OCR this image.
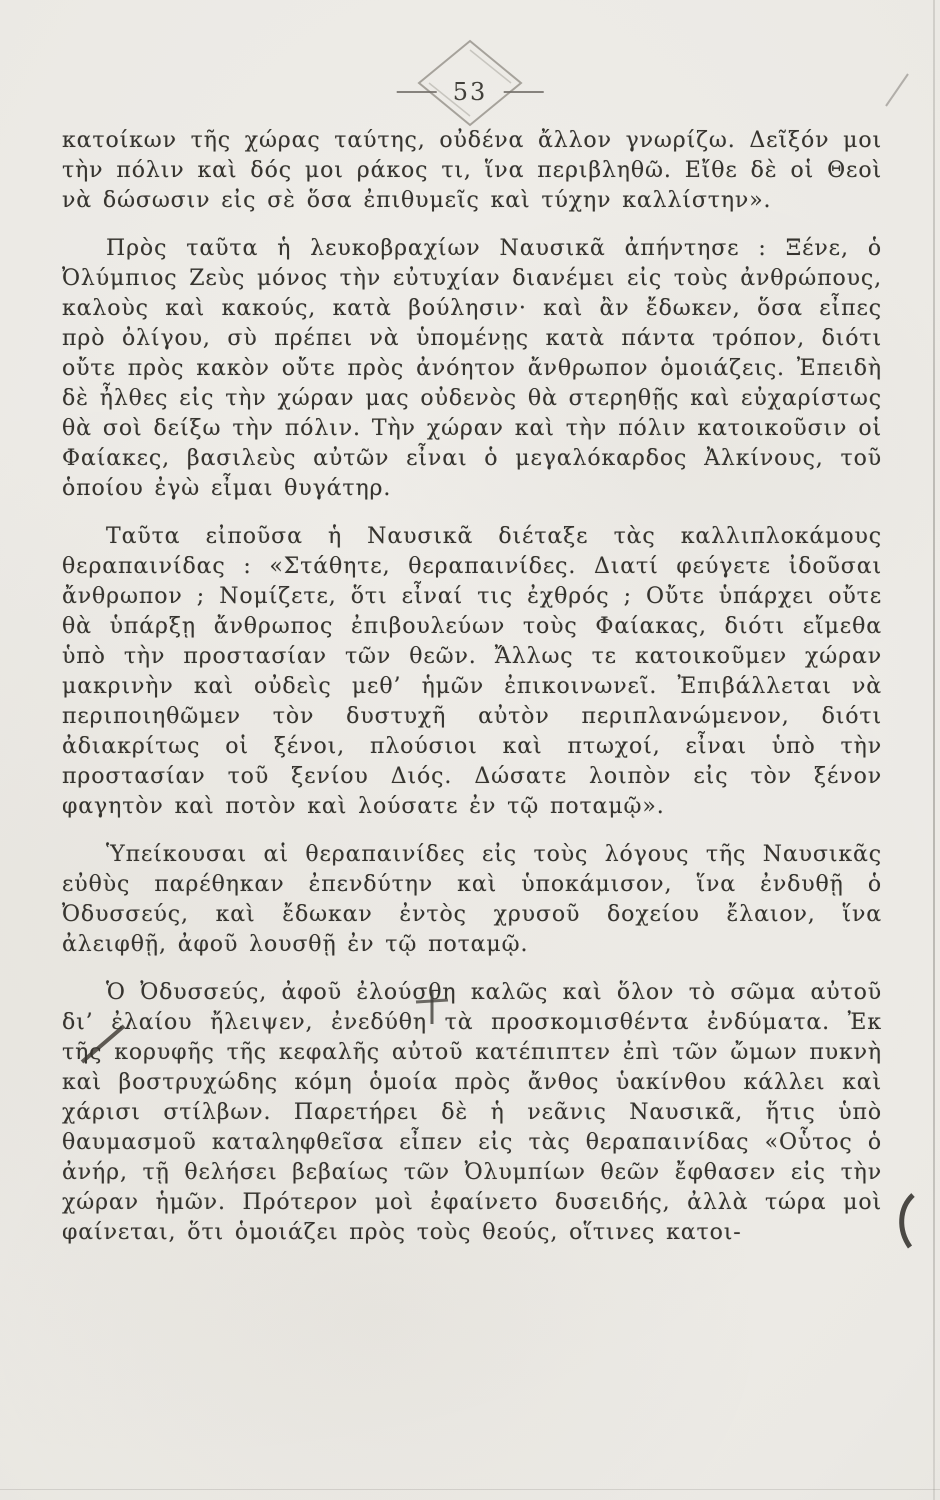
53

κατοίκων τῆς χώρας ταύτης, οὐδένα ἄλλον γνωρίζω. Δεῖξόν μοι τὴν πόλιν καὶ δός μοι ράκος τι, ἵνα περιβληθῶ. Εἴθε δὲ οἱ Θεοὶ νὰ δώσωσιν εἰς σὲ ὅσα ἐπιθυμεῖς καὶ τύχην καλλίστην».

Πρὸς ταῦτα ἡ λευκοβραχίων Ναυσικᾶ ἀπήντησε : Ξένε, ὁ Ὀλύμπιος Ζεὺς μόνος τὴν εὐτυχίαν διανέμει εἰς τοὺς ἀνθρώπους, καλοὺς καὶ κακούς, κατὰ βούλησιν· καὶ ἂν ἔδωκεν, ὅσα εἶπες πρὸ ὀλίγου, σὺ πρέπει νὰ ὑπομένῃς κατὰ πάντα τρόπον, διότι οὔτε πρὸς κακὸν οὔτε πρὸς ἀνόητον ἄνθρωπον ὁμοιάζεις. Ἐπειδὴ δὲ ἦλθες εἰς τὴν χώραν μας οὐδενὸς θὰ στερηθῇς καὶ εὐχαρίστως θὰ σοὶ δείξω τὴν πόλιν. Τὴν χώραν καὶ τὴν πόλιν κατοικοῦσιν οἱ Φαίακες, βασιλεὺς αὐτῶν εἶναι ὁ μεγαλόκαρδος Ἀλκίνους, τοῦ ὁποίου ἐγὼ εἶμαι θυγάτηρ.

Ταῦτα εἰποῦσα ἡ Ναυσικᾶ διέταξε τὰς καλλιπλοκάμους θεραπαινίδας : «Στάθητε, θεραπαινίδες. Διατί φεύγετε ἰδοῦσαι ἄνθρωπον ; Νομίζετε, ὅτι εἶναί τις ἐχθρός ; Οὔτε ὑπάρχει οὔτε θὰ ὑπάρξῃ ἄνθρωπος ἐπιβουλεύων τοὺς Φαίακας, διότι εἴμεθα ὑπὸ τὴν προστασίαν τῶν θεῶν. Ἄλλως τε κατοικοῦμεν χώραν μακρινὴν καὶ οὐδεὶς μεθ’ ἡμῶν ἐπικοινωνεῖ. Ἐπιβάλλεται νὰ περιποιηθῶμεν τὸν δυστυχῆ αὐτὸν περιπλανώμενον, διότι ἀδιακρίτως οἱ ξένοι, πλούσιοι καὶ πτωχοί, εἶναι ὑπὸ τὴν προστασίαν τοῦ ξενίου Διός. Δώσατε λοιπὸν εἰς τὸν ξένον φαγητὸν καὶ ποτὸν καὶ λούσατε ἐν τῷ ποταμῷ».

Ὑπείκουσαι αἱ θεραπαινίδες εἰς τοὺς λόγους τῆς Ναυσικᾶς εὐθὺς παρέθηκαν ἐπενδύτην καὶ ὑποκάμισον, ἵνα ἐνδυθῇ ὁ Ὀδυσσεύς, καὶ ἔδωκαν ἐντὸς χρυσοῦ δοχείου ἔλαιον, ἵνα ἀλειφθῇ, ἀφοῦ λουσθῇ ἐν τῷ ποταμῷ.

Ὁ Ὀδυσσεύς, ἀφοῦ ἐλούσθη καλῶς καὶ ὅλον τὸ σῶμα αὐτοῦ δι’ ἐλαίου ἤλειψεν, ἐνεδύθη τὰ προσκομισθέντα ἐνδύματα. Ἐκ τῆς κορυφῆς τῆς κεφαλῆς αὐτοῦ κατέπιπτεν ἐπὶ τῶν ὤμων πυκνὴ καὶ βοστρυχώδης κόμη ὁμοία πρὸς ἄνθος ὑακίνθου κάλλει καὶ χάρισι στίλβων. Παρετήρει δὲ ἡ νεᾶνις Ναυσικᾶ, ἥτις ὑπὸ θαυμασμοῦ καταληφθεῖσα εἶπεν εἰς τὰς θεραπαινίδας «Οὗτος ὁ ἀνήρ, τῇ θελήσει βεβαίως τῶν Ὀλυμπίων θεῶν ἔφθασεν εἰς τὴν χώραν ἡμῶν. Πρότερον μοὶ ἐφαίνετο δυσειδής, ἀλλὰ τώρα μοὶ φαίνεται, ὅτι ὁμοιάζει πρὸς τοὺς θεούς, οἵτινες κατοι-
